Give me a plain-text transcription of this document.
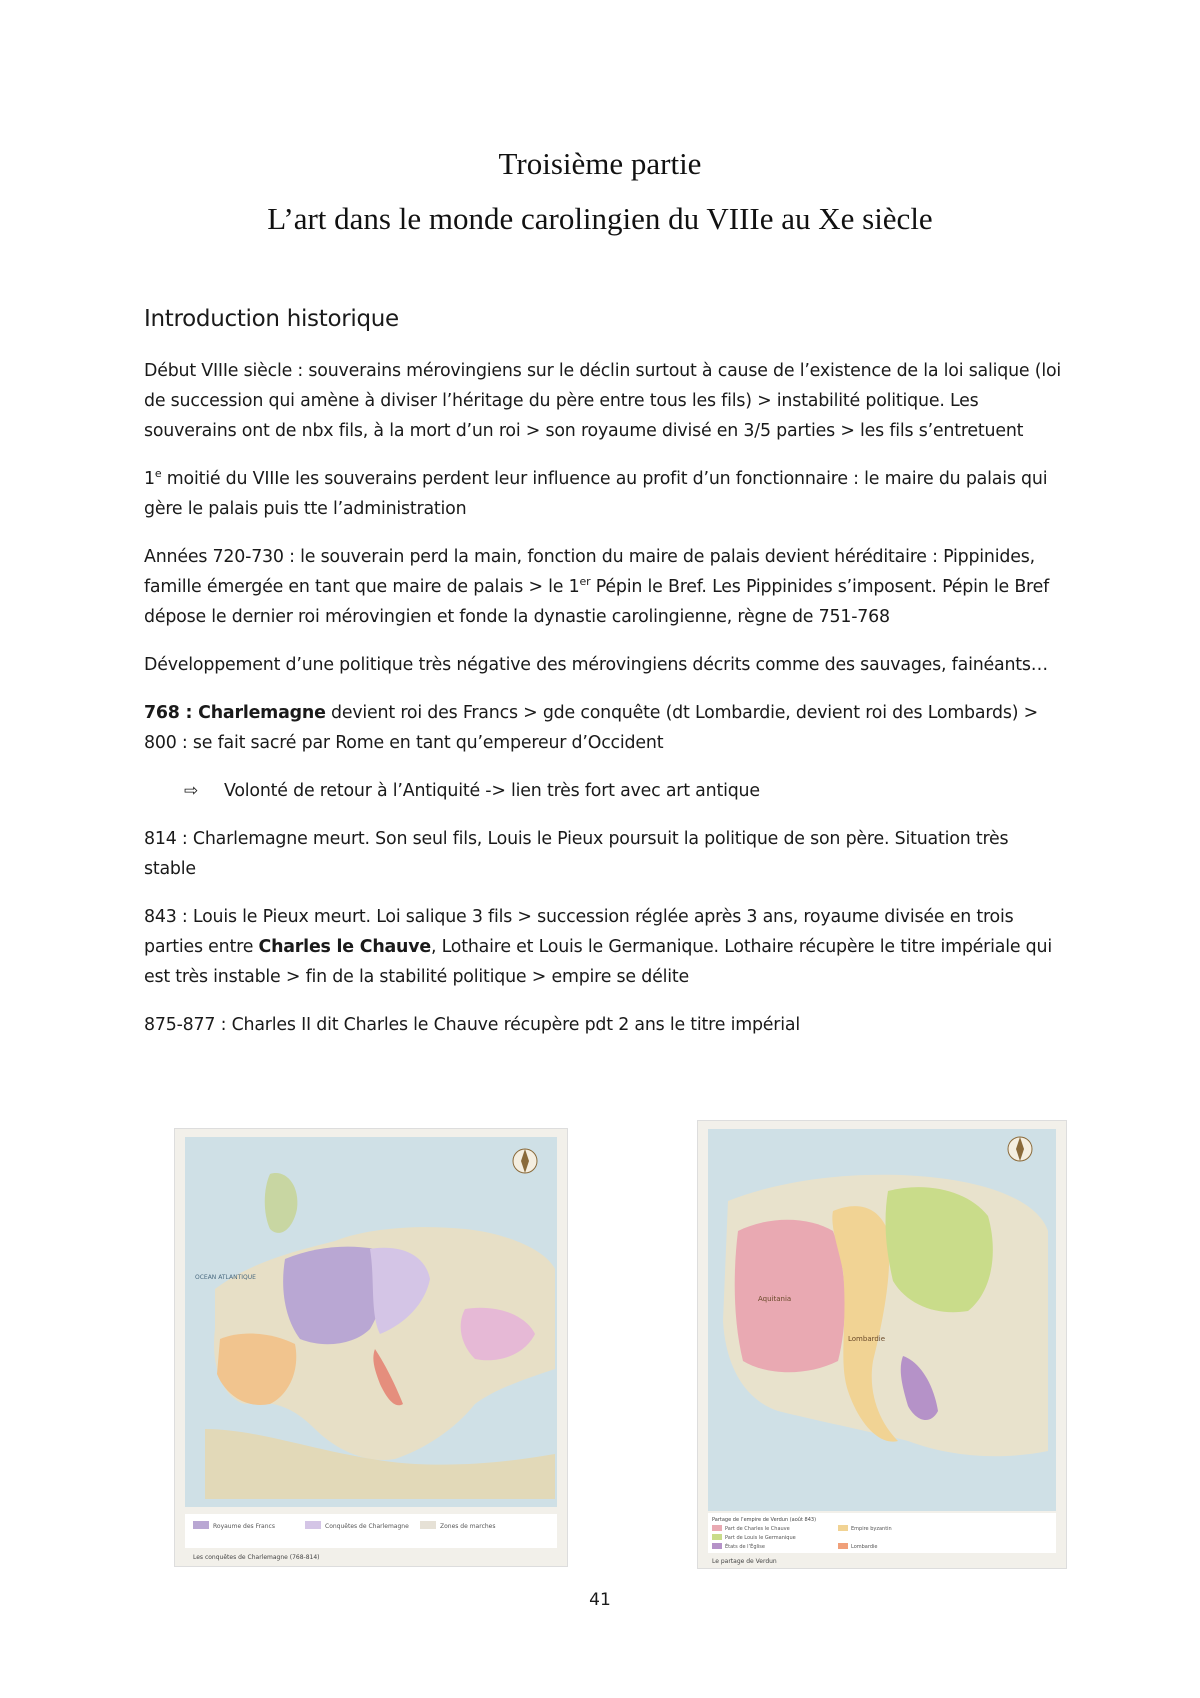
Troisième partie
L’art dans le monde carolingien du VIIIe au Xe siècle
Introduction historique

Début VIIIe siècle : souverains mérovingiens sur le déclin surtout à cause de l’existence de la loi salique (loi de succession qui amène à diviser l’héritage du père entre tous les fils) > instabilité politique. Les souverains ont de nbx fils, à la mort d’un roi > son royaume divisé en 3/5 parties > les fils s’entretuent

1e moitié du VIIIe les souverains perdent leur influence au profit d’un fonctionnaire : le maire du palais qui gère le palais puis tte l’administration

Années 720-730 : le souverain perd la main, fonction du maire de palais devient héréditaire : Pippinides, famille émergée en tant que maire de palais > le 1er Pépin le Bref. Les Pippinides s’imposent. Pépin le Bref dépose le dernier roi mérovingien et fonde la dynastie carolingienne, règne de 751-768

Développement d’une politique très négative des mérovingiens décrits comme des sauvages, fainéants…

768 : Charlemagne devient roi des Francs > gde conquête (dt Lombardie, devient roi des Lombards) > 800 : se fait sacré par Rome en tant qu’empereur d’Occident

⇨ Volonté de retour à l’Antiquité -> lien très fort avec art antique

814 : Charlemagne meurt. Son seul fils, Louis le Pieux poursuit la politique de son père. Situation très stable

843 : Louis le Pieux meurt. Loi salique 3 fils > succession réglée après 3 ans, royaume divisée en trois parties entre Charles le Chauve, Lothaire et Louis le Germanique. Lothaire récupère le titre impériale qui est très instable > fin de la stabilité politique > empire se délite

875-877 : Charles II dit Charles le Chauve récupère pdt 2 ans le titre impérial

Royaume des Francs	Conquêtes de Charlemagne	Zones de marches
OCEAN ATLANTIQUE
Les conquêtes de Charlemagne (768-814)
Lombardie
Aquitania
Partage de l’empire de Verdun (août 843)
Part de Charles le Chauve
Part de Louis le Germanique
États de l’Église
Empire byzantin
Lombardie
Le partage de Verdun
41
